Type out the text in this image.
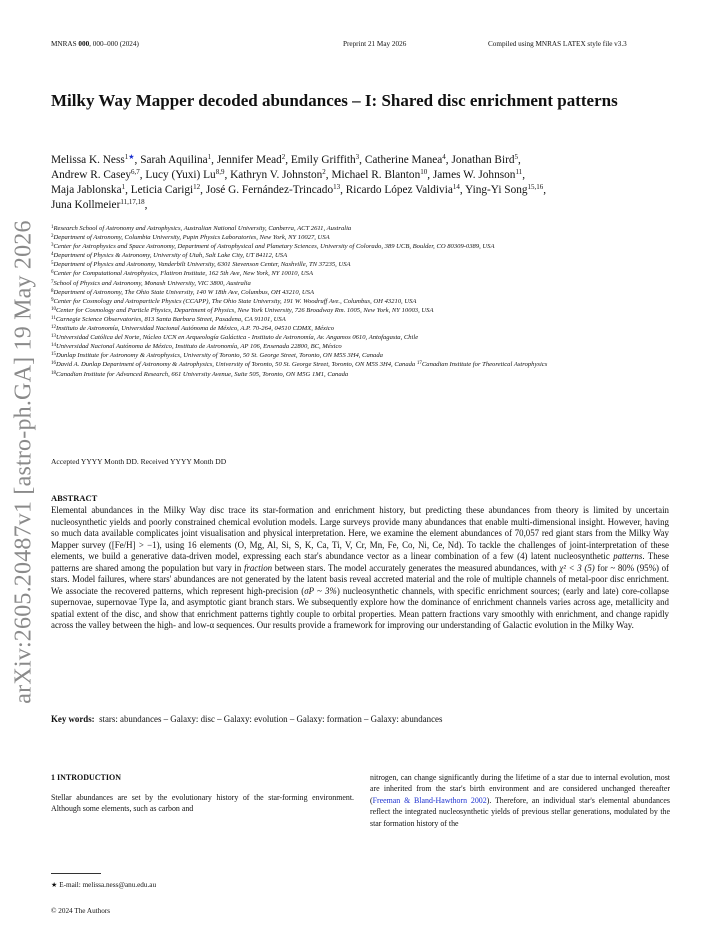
MNRAS 000, 000–000 (2024)	Preprint 21 May 2026	Compiled using MNRAS LATEX style file v3.3
arXiv:2605.20487v1 [astro-ph.GA] 19 May 2026
Milky Way Mapper decoded abundances – I: Shared disc enrichment patterns
Melissa K. Ness$^{1★}$, Sarah Aquilina$^1$, Jennifer Mead$^2$, Emily Griffith$^3$, Catherine Manea$^4$, Jonathan Bird$^5$,
Andrew R. Casey$^{6,7}$, Lucy (Yuxi) Lu$^{8,9}$, Kathryn V. Johnston$^2$, Michael R. Blanton$^{10}$, James W. Johnson$^{11}$,
Maja Jablonska$^1$, Leticia Carigi$^{12}$, José G. Fernández-Trincado$^{13}$, Ricardo López Valdivia$^{14}$, Ying-Yi Song$^{15,16}$,
Juna Kollmeier$^{11,17,18}$,
$^1$Research School of Astronomy and Astrophysics, Australian National University, Canberra, ACT 2611, Australia
$^2$Department of Astronomy, Columbia University, Pupin Physics Laboratories, New York, NY 10027, USA
$^3$Center for Astrophysics and Space Astronomy, Department of Astrophysical and Planetary Sciences, University of Colorado, 389 UCB, Boulder, CO 80309-0389, USA
$^4$Department of Physics & Astronomy, University of Utah, Salt Lake City, UT 84112, USA
$^5$Department of Physics and Astronomy, Vanderbilt University, 6301 Stevenson Center, Nashville, TN 37235, USA
$^6$Center for Computational Astrophysics, Flatiron Institute, 162 5th Ave, New York, NY 10010, USA
$^7$School of Physics and Astronomy, Monash University, VIC 3800, Australia
$^8$Department of Astronomy, The Ohio State University, 140 W 18th Ave, Columbus, OH 43210, USA
$^9$Center for Cosmology and Astroparticle Physics (CCAPP), The Ohio State University, 191 W. Woodruff Ave., Columbus, OH 43210, USA
$^{10}$Center for Cosmology and Particle Physics, Department of Physics, New York University, 726 Broadway Rm. 1005, New York, NY 10003, USA
$^{11}$Carnegie Science Observatories, 813 Santa Barbara Street, Pasadena, CA 91101, USA
$^{12}$Instituto de Astronomía, Universidad Nacional Autónoma de México, A.P. 70-264, 04510 CDMX, México
$^{13}$Universidad Católica del Norte, Núcleo UCN en Arqueología Galáctica - Instituto de Astronomía, Av. Angamos 0610, Antofagasta, Chile
$^{14}$Universidad Nacional Autónoma de México, Instituto de Astronomía, AP 106, Ensenada 22800, BC, México
$^{15}$Dunlap Institute for Astronomy & Astrophysics, University of Toronto, 50 St. George Street, Toronto, ON M5S 3H4, Canada
$^{16}$David A. Dunlap Department of Astronomy & Astrophysics, University of Toronto, 50 St. George Street, Toronto, ON M5S 3H4, Canada $^{17}$Canadian Institute for Theoretical Astrophysics
$^{18}$Canadian Institute for Advanced Research, 661 University Avenue, Suite 505, Toronto, ON M5G 1M1, Canada
Accepted YYYY Month DD. Received YYYY Month DD
ABSTRACT

Elemental abundances in the Milky Way disc trace its star-formation and enrichment history, but predicting these abundances from theory is limited by uncertain nucleosynthetic yields and poorly constrained chemical evolution models. Large surveys provide many abundances that enable multi-dimensional insight. However, having so much data available complicates joint visualisation and physical interpretation. Here, we examine the element abundances of 70,057 red giant stars from the Milky Way Mapper survey ([Fe/H] > −1), using 16 elements (O, Mg, Al, Si, S, K, Ca, Ti, V, Cr, Mn, Fe, Co, Ni, Ce, Nd). To tackle the challenges of joint-interpretation of these elements, we build a generative data-driven model, expressing each star's abundance vector as a linear combination of a few (4) latent nucleosynthetic patterns. These patterns are shared among the population but vary in fraction between stars. The model accurately generates the measured abundances, with χ² < 3 (5) for ~ 80% (95%) of stars. Model failures, where stars' abundances are not generated by the latent basis reveal accreted material and the role of multiple channels of metal-poor disc enrichment. We associate the recovered patterns, which represent high-precision (σP ~ 3%) nucleosynthetic channels, with specific enrichment sources; (early and late) core-collapse supernovae, supernovae Type Ia, and asymptotic giant branch stars. We subsequently explore how the dominance of enrichment channels varies across age, metallicity and spatial extent of the disc, and show that enrichment patterns tightly couple to orbital properties. Mean pattern fractions vary smoothly with enrichment, and change rapidly across the valley between the high- and low-α sequences. Our results provide a framework for improving our understanding of Galactic evolution in the Milky Way.

Key words: stars: abundances – Galaxy: disc – Galaxy: evolution – Galaxy: formation – Galaxy: abundances
1 INTRODUCTION

Stellar abundances are set by the evolutionary history of the star-forming environment. Although some elements, such as carbon and

nitrogen, can change significantly during the lifetime of a star due to internal evolution, most are inherited from the star's birth environment and are considered unchanged thereafter (Freeman & Bland-Hawthorn 2002). Therefore, an individual star's elemental abundances reflect the integrated nucleosynthetic yields of previous stellar generations, modulated by the star formation history of the

★ E-mail: melissa.ness@anu.edu.au
© 2024 The Authors
